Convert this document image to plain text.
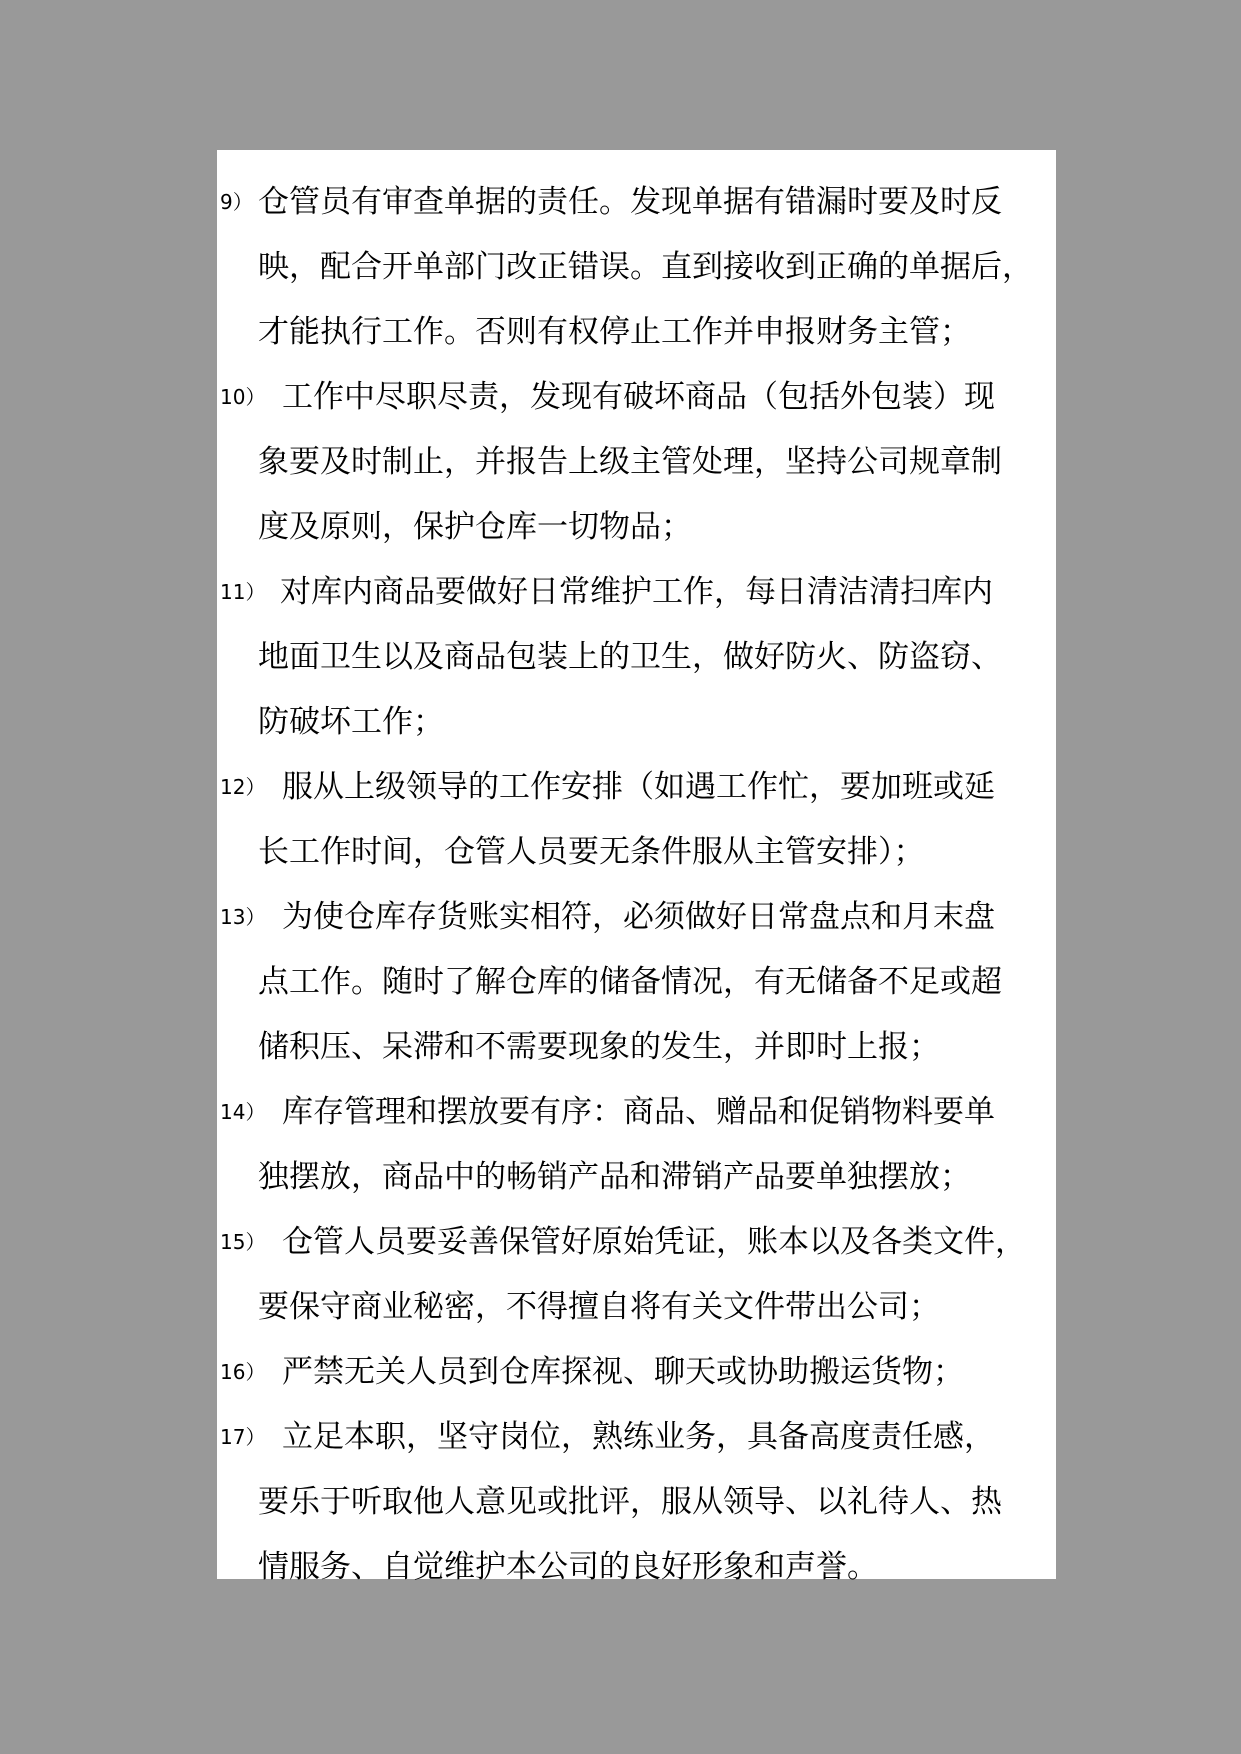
9） 仓管员有审查单据的责任。发现单据有错漏时要及时反
映，配合开单部门改正错误。直到接收到正确的单据后，
才能执行工作。否则有权停止工作并申报财务主管；
10） 工作中尽职尽责，发现有破坏商品（包括外包装）现
象要及时制止，并报告上级主管处理，坚持公司规章制
度及原则，保护仓库一切物品；
11） 对库内商品要做好日常维护工作，每日清洁清扫库内
地面卫生以及商品包装上的卫生，做好防火、防盗窃、
防破坏工作；
12） 服从上级领导的工作安排（如遇工作忙，要加班或延
长工作时间，仓管人员要无条件服从主管安排）；
13） 为使仓库存货账实相符，必须做好日常盘点和月末盘
点工作。随时了解仓库的储备情况，有无储备不足或超
储积压、呆滞和不需要现象的发生，并即时上报；
14） 库存管理和摆放要有序：商品、赠品和促销物料要单
独摆放，商品中的畅销产品和滞销产品要单独摆放；
15） 仓管人员要妥善保管好原始凭证，账本以及各类文件，
要保守商业秘密，不得擅自将有关文件带出公司；
16） 严禁无关人员到仓库探视、聊天或协助搬运货物；
17） 立足本职，坚守岗位，熟练业务，具备高度责任感，
要乐于听取他人意见或批评，服从领导、以礼待人、热
情服务、自觉维护本公司的良好形象和声誉。
